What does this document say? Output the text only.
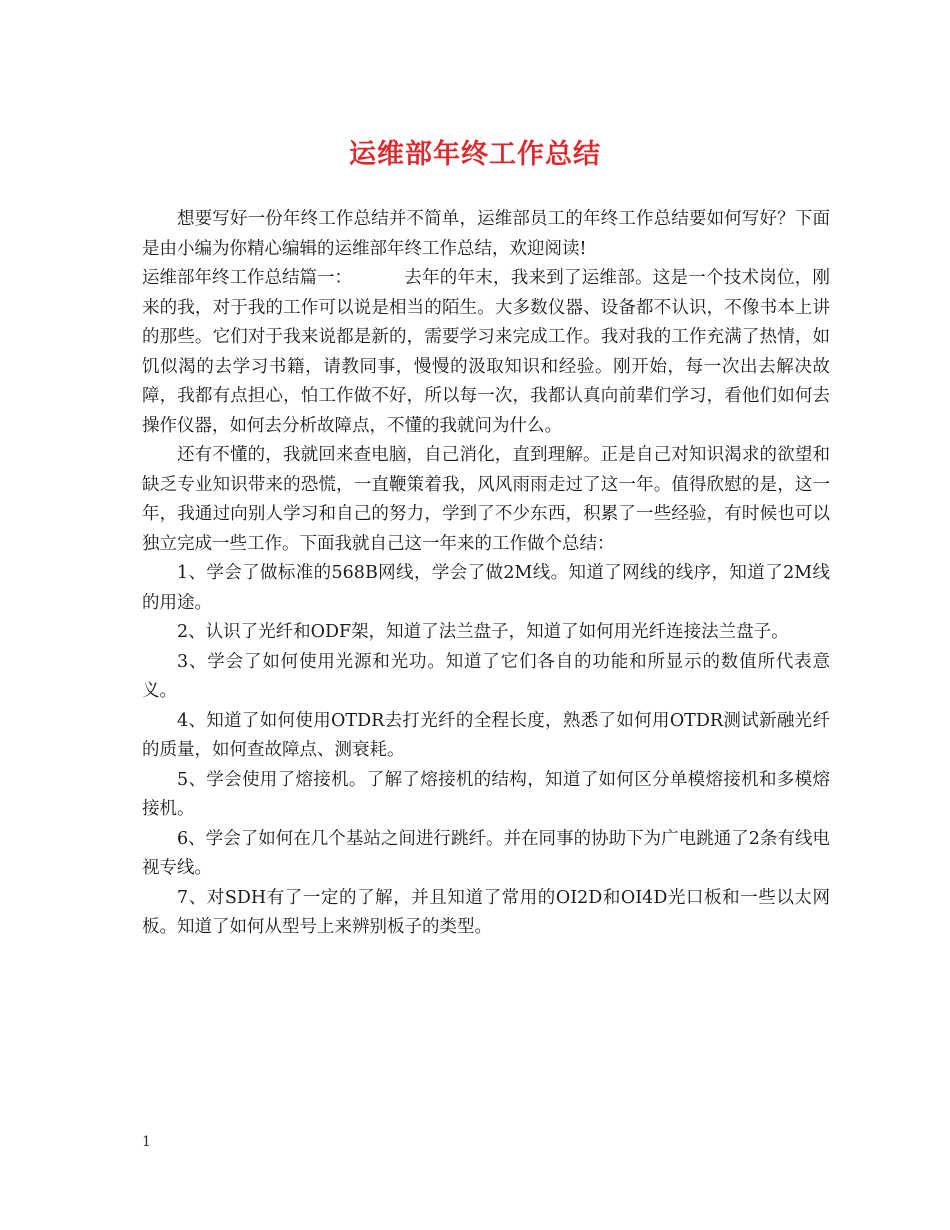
运维部年终工作总结

想要写好一份年终工作总结并不简单，运维部员工的年终工作总结要如何写好？下面是由小编为你精心编辑的运维部年终工作总结，欢迎阅读!

运维部年终工作总结篇一：	去年的年末，我来到了运维部。这是一个技术岗位，刚来的我，对于我的工作可以说是相当的陌生。大多数仪器、设备都不认识，不像书本上讲的那些。它们对于我来说都是新的，需要学习来完成工作。我对我的工作充满了热情，如饥似渴的去学习书籍，请教同事，慢慢的汲取知识和经验。刚开始，每一次出去解决故障，我都有点担心，怕工作做不好，所以每一次，我都认真向前辈们学习，看他们如何去操作仪器，如何去分析故障点，不懂的我就问为什么。

还有不懂的，我就回来查电脑，自己消化，直到理解。正是自己对知识渴求的欲望和缺乏专业知识带来的恐慌，一直鞭策着我，风风雨雨走过了这一年。值得欣慰的是，这一年，我通过向别人学习和自己的努力，学到了不少东西，积累了一些经验，有时候也可以独立完成一些工作。下面我就自己这一年来的工作做个总结：

1、学会了做标准的568B网线，学会了做2M线。知道了网线的线序，知道了2M线的用途。

2、认识了光纤和ODF架，知道了法兰盘子，知道了如何用光纤连接法兰盘子。

3、学会了如何使用光源和光功。知道了它们各自的功能和所显示的数值所代表意义。

4、知道了如何使用OTDR去打光纤的全程长度，熟悉了如何用OTDR测试新融光纤的质量，如何查故障点、测衰耗。

5、学会使用了熔接机。了解了熔接机的结构，知道了如何区分单模熔接机和多模熔接机。

6、学会了如何在几个基站之间进行跳纤。并在同事的协助下为广电跳通了2条有线电视专线。

7、对SDH有了一定的了解，并且知道了常用的OI2D和OI4D光口板和一些以太网板。知道了如何从型号上来辨别板子的类型。

1
